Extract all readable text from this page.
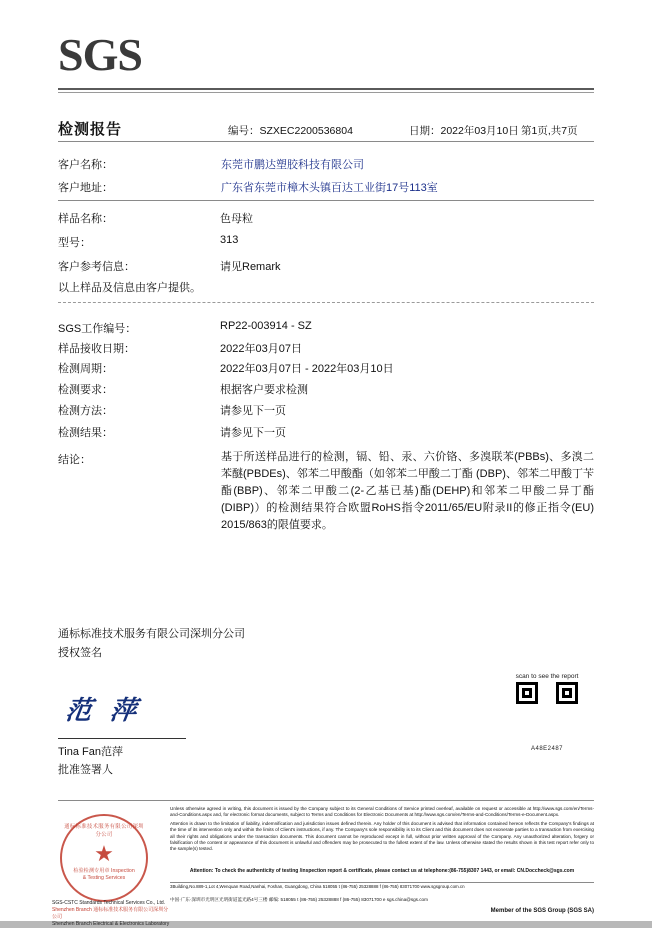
SGS
检测报告	编号：SZXEC2200536804	日期：2022年03月10日 第1页,共7页
客户名称：	东莞市鹏达塑胶科技有限公司
客户地址：	广东省东莞市樟木头镇百达工业街17号113室
样品名称：	色母粒
型号：	313
客户参考信息：	请见Remark
以上样品及信息由客户提供。
SGS工作编号：	RP22-003914 - SZ
样品接收日期：	2022年03月07日
检测周期：	2022年03月07日 - 2022年03月10日
检测要求：	根据客户要求检测
检测方法：	请参见下一页
检测结果：	请参见下一页
结论：	基于所送样品进行的检测，镉、铅、汞、六价铬、多溴联苯(PBBs)、多溴二苯醚(PBDEs)、邻苯二甲酸酯（如邻苯二甲酸二丁酯 (DBP)、邻苯二甲酸丁苄酯(BBP)、邻苯二甲酸二(2-乙基已基)酯(DEHP)和邻苯二甲酸二异丁酯(DIBP)）的检测结果符合欧盟RoHS指令2011/65/EU附录II的修正指令(EU) 2015/863的限值要求。
通标标准技术服务有限公司深圳分公司
授权签名
范 萍
Tina Fan范萍
批准签署人
scan to see the report
A48E2487
Unless otherwise agreed in writing, this document is issued by the Company subject to its General Conditions of Service printed overleaf, available on request or accessible at http://www.sgs.com/en/Terms-and-Conditions.aspx and, for electronic format documents, subject to Terms and Conditions for Electronic Documents at http://www.sgs.com/en/Terms-and-Conditions/Terms-e-Document.aspx.
Attention is drawn to the limitation of liability, indemnification and jurisdiction issues defined therein. Any holder of this document is advised that information contained hereon reflects the Company's findings at the time of its intervention only and within the limits of Client's instructions, if any. The Company's sole responsibility is to its Client and this document does not exonerate parties to a transaction from exercising all their rights and obligations under the transaction documents. This document cannot be reproduced except in full, without prior written approval of the Company. Any unauthorized alteration, forgery or falsification of the content or appearance of this document is unlawful and offenders may be prosecuted to the fullest extent of the law. Unless otherwise stated the results shown in this test report refer only to the sample(s) tested.
Attention: To check the authenticity of testing /inspection report & certificate, please contact us at telephone:(86-755)8307 1443, or email: CN.Doccheck@sgs.com
3Building,No.889-1,Lot 4,Wenquan Road,Nanhai, Foshan, Guangdong, China 518055 t (86-755) 25328888 f (86-755) 83071700 www.sgsgroup.com.cn
中国·广东·深圳市光明区光明街道蓝光路4号三楼 邮编: 518055 t (86-755) 25328888 f (86-755) 83071700 e sgs.china@sgs.com
Member of the SGS Group (SGS SA)
通标标准技术服务有限公司深圳分公司
★
检验检测专用章 Inspection & Testing Services
SGS-CSTC Standards Technical Services Co., Ltd.
Shenzhen Branch 通标标准技术服务有限公司深圳分公司
Shenzhen Branch Electrical & Electronics Laboratory
